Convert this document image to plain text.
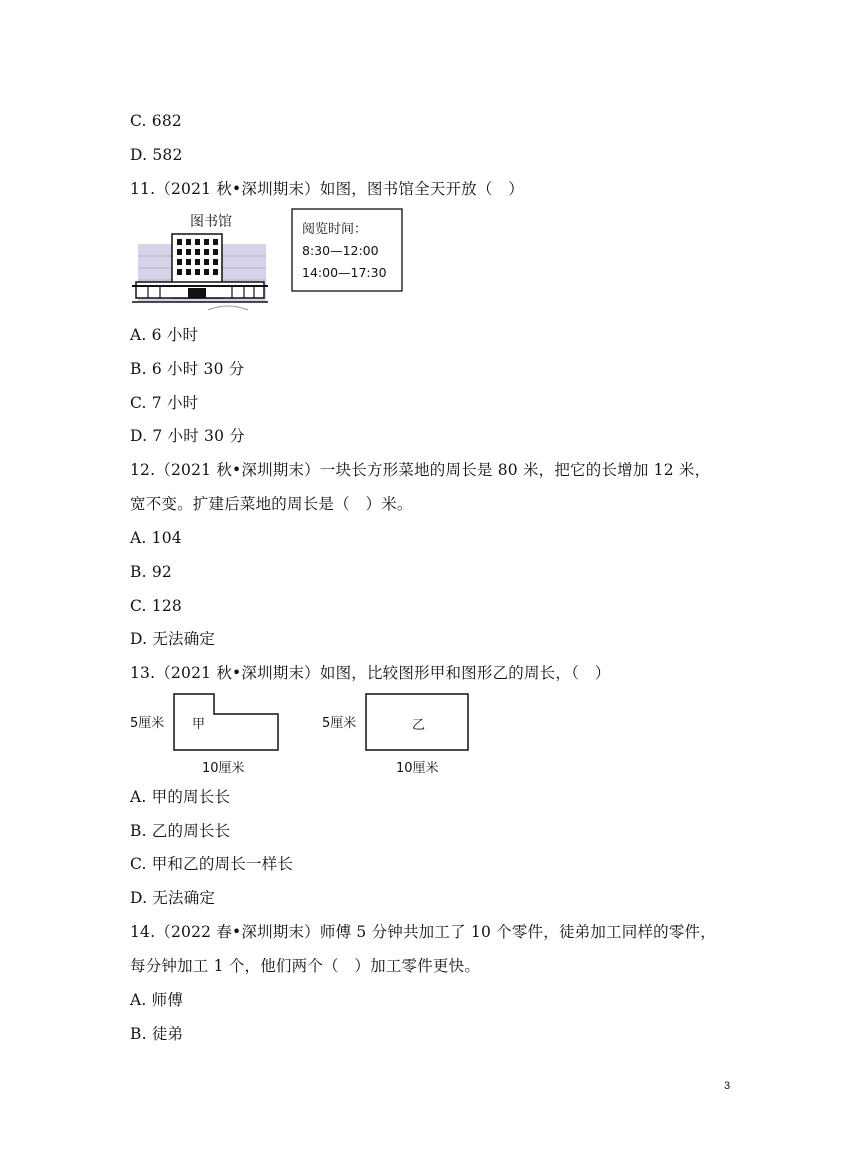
C. 682
D. 582
11.（2021 秋•深圳期末）如图，图书馆全天开放（　）
图书馆	阅览时间：
8:30—12:00
14:00—17:30
A. 6 小时
B. 6 小时 30 分
C. 7 小时
D. 7 小时 30 分
12.（2021 秋•深圳期末）一块长方形菜地的周长是 80 米，把它的长增加 12 米，
宽不变。扩建后菜地的周长是（　）米。
A. 104
B. 92
C. 128
D. 无法确定
13.（2021 秋•深圳期末）如图，比较图形甲和图形乙的周长，（　）
甲
5厘米
10厘米
乙
5厘米
10厘米
A. 甲的周长长
B. 乙的周长长
C. 甲和乙的周长一样长
D. 无法确定
14.（2022 春•深圳期末）师傅 5 分钟共加工了 10 个零件，徒弟加工同样的零件，
每分钟加工 1 个，他们两个（　）加工零件更快。
A. 师傅
B. 徒弟
3
